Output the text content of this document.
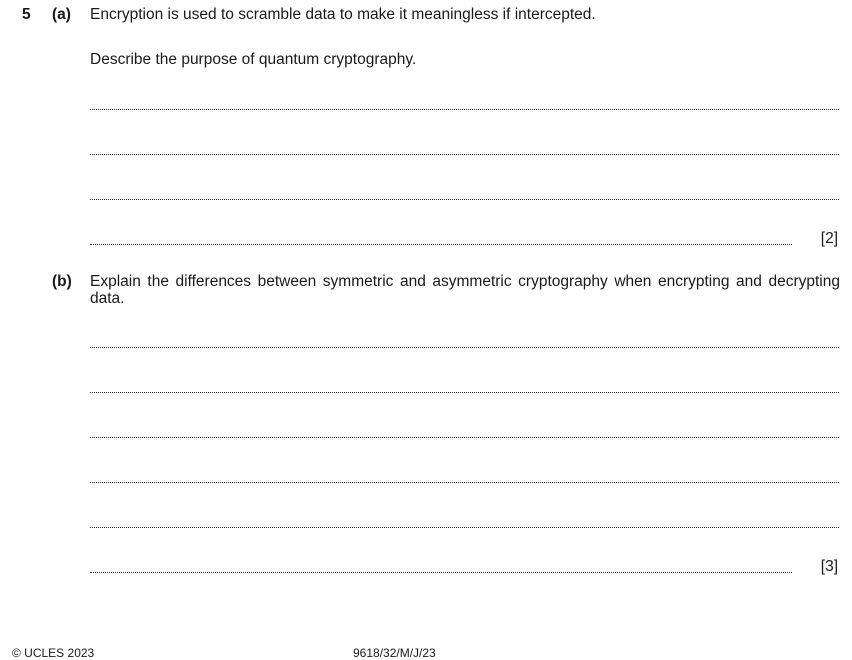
5 (a) Encryption is used to scramble data to make it meaningless if intercepted.
Describe the purpose of quantum cryptography.
[2]
(b) Explain the differences between symmetric and asymmetric cryptography when encrypting and decrypting data.
[3]
© UCLES 2023	9618/32/M/J/23
